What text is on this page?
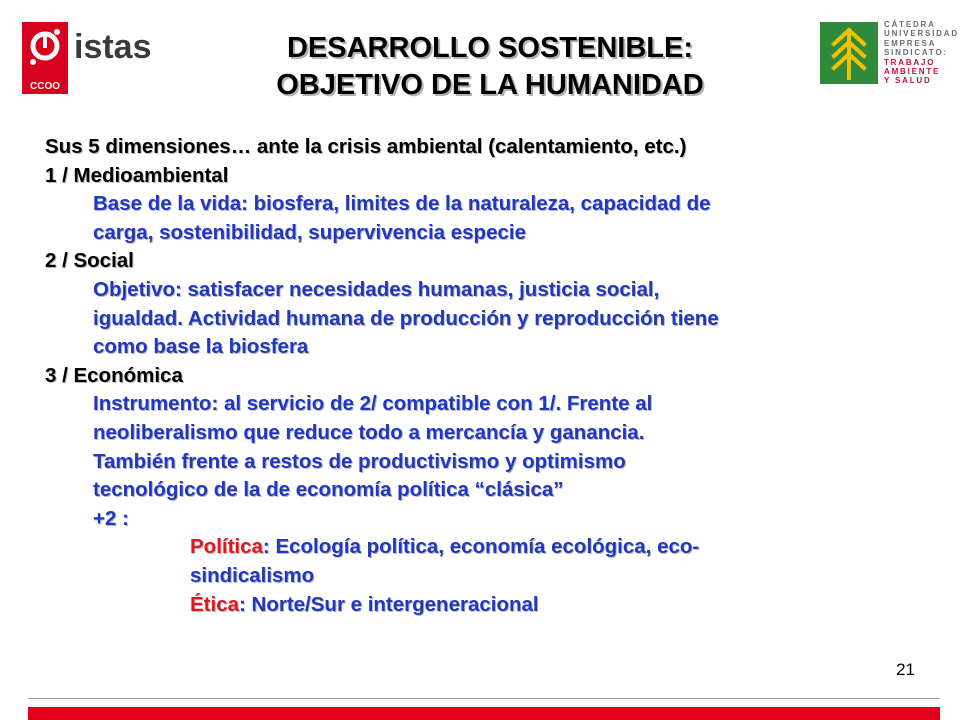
CCOO
istas
CÁTEDRA
UNIVERSIDAD
EMPRESA
SINDICATO:
TRABAJO
AMBIENTE
Y SALUD
DESARROLLO SOSTENIBLE:
OBJETIVO DE LA HUMANIDAD
Sus 5 dimensiones… ante la crisis ambiental (calentamiento, etc.)
1 / Medioambiental
Base de la vida: biosfera, limites de la naturaleza, capacidad de
carga, sostenibilidad, supervivencia especie
2 / Social
Objetivo: satisfacer necesidades humanas, justicia social,
igualdad. Actividad humana de producción y reproducción tiene
como base la biosfera
3 / Económica
Instrumento: al servicio de 2/ compatible con 1/. Frente al
neoliberalismo que reduce todo a mercancía y ganancia.
También frente a restos de productivismo y optimismo
tecnológico de la de economía política “clásica”
+2 :
Política: Ecología política, economía ecológica, eco-
sindicalismo
Ética: Norte/Sur e intergeneracional
21
